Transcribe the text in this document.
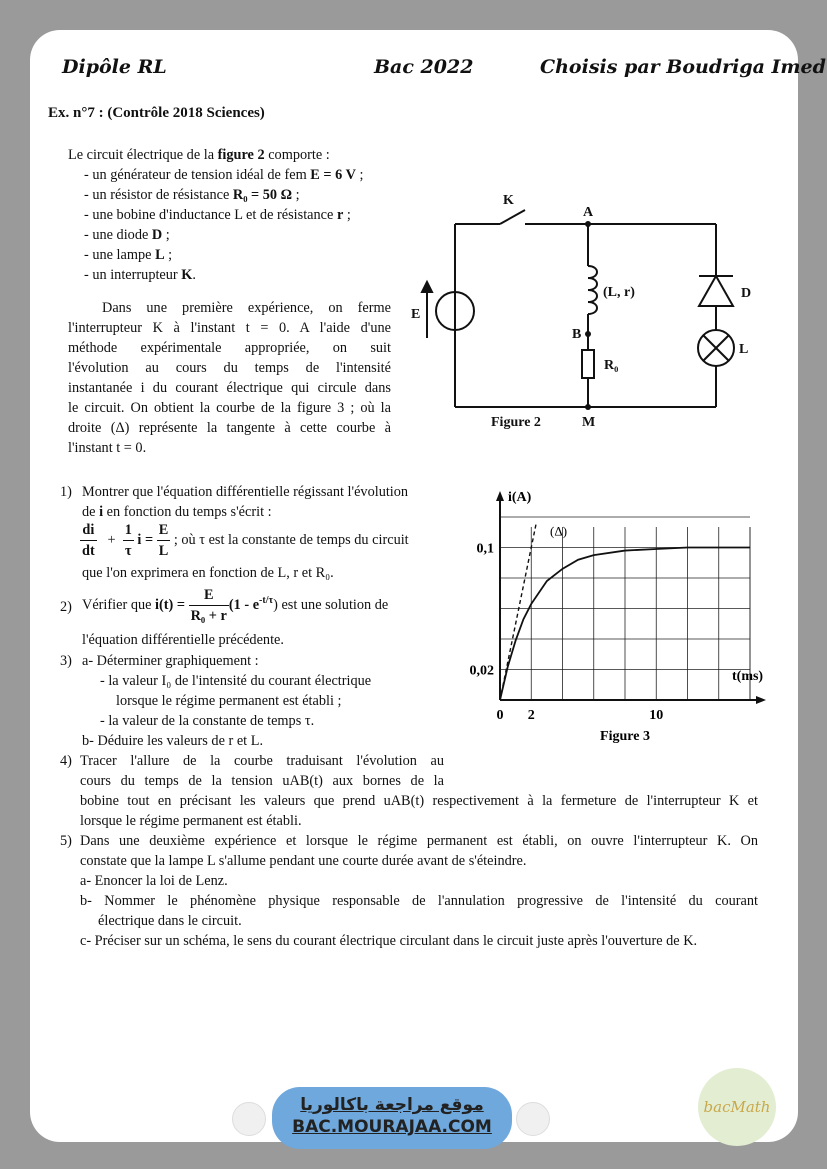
Dipôle RL	Bac 2022	Choisis par Boudriga Imed
Ex. n°7 : (Contrôle 2018 Sciences)
Le circuit électrique de la figure 2 comporte :
- un générateur de tension idéal de fem E = 6 V ;
- un résistor de résistance R₀ = 50 Ω ;
- une bobine d'inductance L et de résistance r ;
- une diode D ;
- une lampe L ;
- un interrupteur K.
Dans une première expérience, on ferme
l'interrupteur K à l'instant t = 0. A l'aide d'une
méthode expérimentale appropriée, on suit
l'évolution au cours du temps de l'intensité
instantanée i du courant électrique qui circule dans
le circuit. On obtient la courbe de la figure 3 ; où la
droite (Δ) représente la tangente à cette courbe à
l'instant t = 0.
K
A
B
M
E
(L, r)
R₀
D
L
Figure 2
0 2	10
0,02
0,1
i(A)
t(ms)
(Δ)
Figure 3
1) Montrer que l'équation différentielle régissant l'évolution
de i en fonction du temps s'écrit :
$\frac{di}{dt} + \frac{1}{\tau}$ $i = \frac{E}{L}$ ; où τ est la constante de temps du circuit
que l'on exprimera en fonction de L, r et R₀.
2) Vérifier que $i(t) = \frac{E}{\text{R₀ + r}} (1 - e^{-t/\tau})$ est une solution de
l'équation différentielle précédente.
3) a- Déterminer graphiquement :
- la valeur I₀ de l'intensité du courant électrique
lorsque le régime permanent est établi ;
- la valeur de la constante de temps τ.
b- Déduire les valeurs de r et L.
4) Tracer l'allure de la courbe traduisant l'évolution au
cours du temps de la tension uAB(t) aux bornes de la
bobine tout en précisant les valeurs que prend uAB(t) respectivement à la fermeture de l'interrupteur K et
lorsque le régime permanent est établi.
5) Dans une deuxième expérience et lorsque le régime permanent est établi, on ouvre l'interrupteur K. On
constate que la lampe L s'allume pendant une courte durée avant de s'éteindre.
a- Enoncer la loi de Lenz.
b- Nommer le phénomène physique responsable de l'annulation progressive de l'intensité du courant
électrique dans le circuit.
c- Préciser sur un schéma, le sens du courant électrique circulant dans le circuit juste après l'ouverture de K.
موقع مراجعة باكالوريا
BAC.MOURAJAA.COM
bacMath
